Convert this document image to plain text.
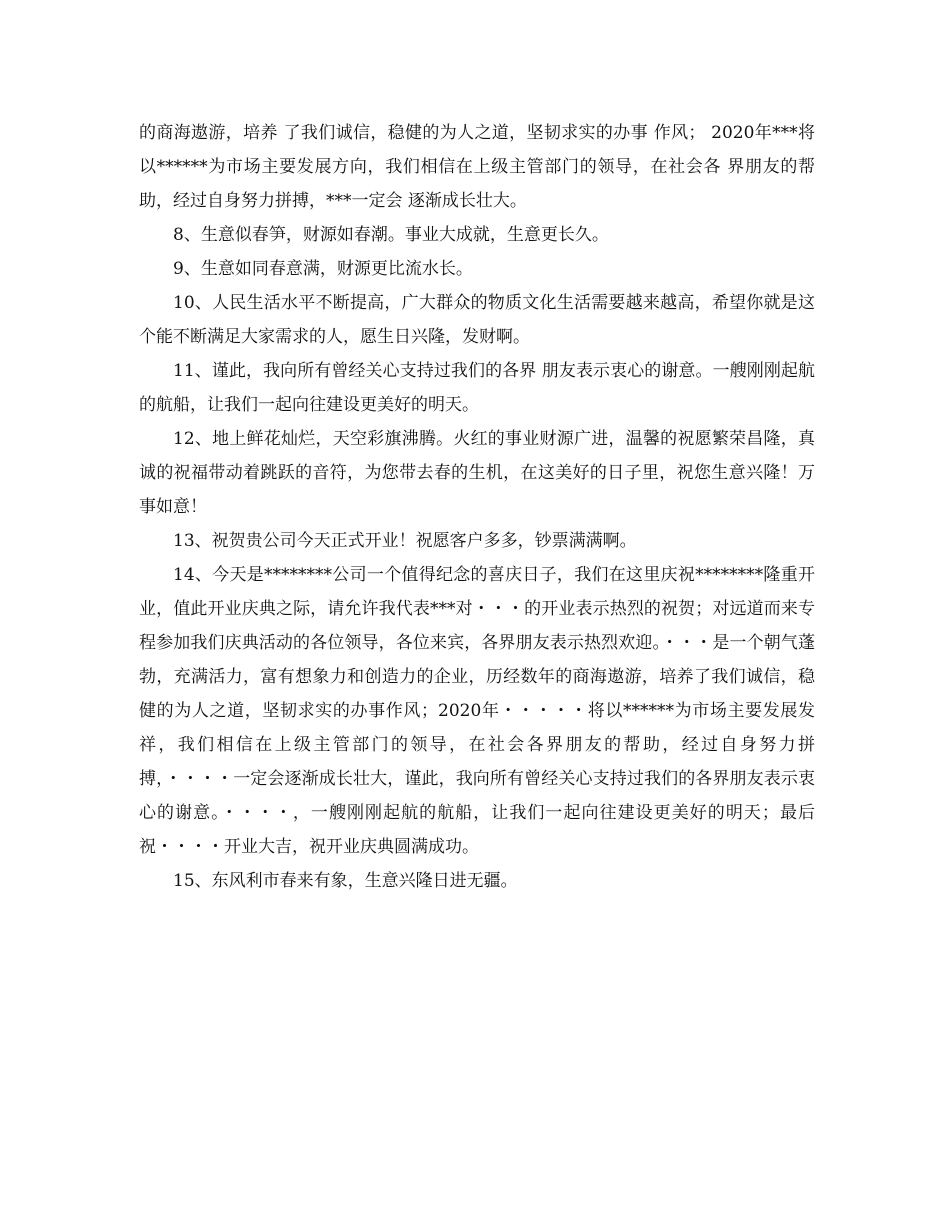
的商海遨游，培养 了我们诚信，稳健的为人之道，坚韧求实的办事 作风； 2020年***将以******为市场主要发展方向，我们相信在上级主管部门的领导，在社会各 界朋友的帮助，经过自身努力拼搏，***一定会 逐渐成长壮大。

8、生意似春笋，财源如春潮。事业大成就，生意更长久。

9、生意如同春意满，财源更比流水长。

10、人民生活水平不断提高，广大群众的物质文化生活需要越来越高，希望你就是这个能不断满足大家需求的人，愿生日兴隆，发财啊。

11、谨此，我向所有曾经关心支持过我们的各界 朋友表示衷心的谢意。一艘刚刚起航的航船，让我们一起向往建设更美好的明天。

12、地上鲜花灿烂，天空彩旗沸腾。火红的事业财源广进，温馨的祝愿繁荣昌隆，真诚的祝福带动着跳跃的音符，为您带去春的生机，在这美好的日子里，祝您生意兴隆！万事如意！

13、祝贺贵公司今天正式开业！祝愿客户多多，钞票满满啊。

14、今天是********公司一个值得纪念的喜庆日子，我们在这里庆祝********隆重开业，值此开业庆典之际，请允许我代表***对・・・的开业表示热烈的祝贺；对远道而来专程参加我们庆典活动的各位领导，各位来宾，各界朋友表示热烈欢迎。・・・是一个朝气蓬勃，充满活力，富有想象力和创造力的企业，历经数年的商海遨游，培养了我们诚信，稳健的为人之道，坚韧求实的办事作风；2020年・・・・・将以******为市场主要发展发祥，我们相信在上级主管部门的领导，在社会各界朋友的帮助，经过自身努力拼搏，・・・・一定会逐渐成长壮大，谨此，我向所有曾经关心支持过我们的各界朋友表示衷心的谢意。・・・・，一艘刚刚起航的航船，让我们一起向往建设更美好的明天；最后祝・・・・开业大吉，祝开业庆典圆满成功。

15、东风利市春来有象，生意兴隆日进无疆。
